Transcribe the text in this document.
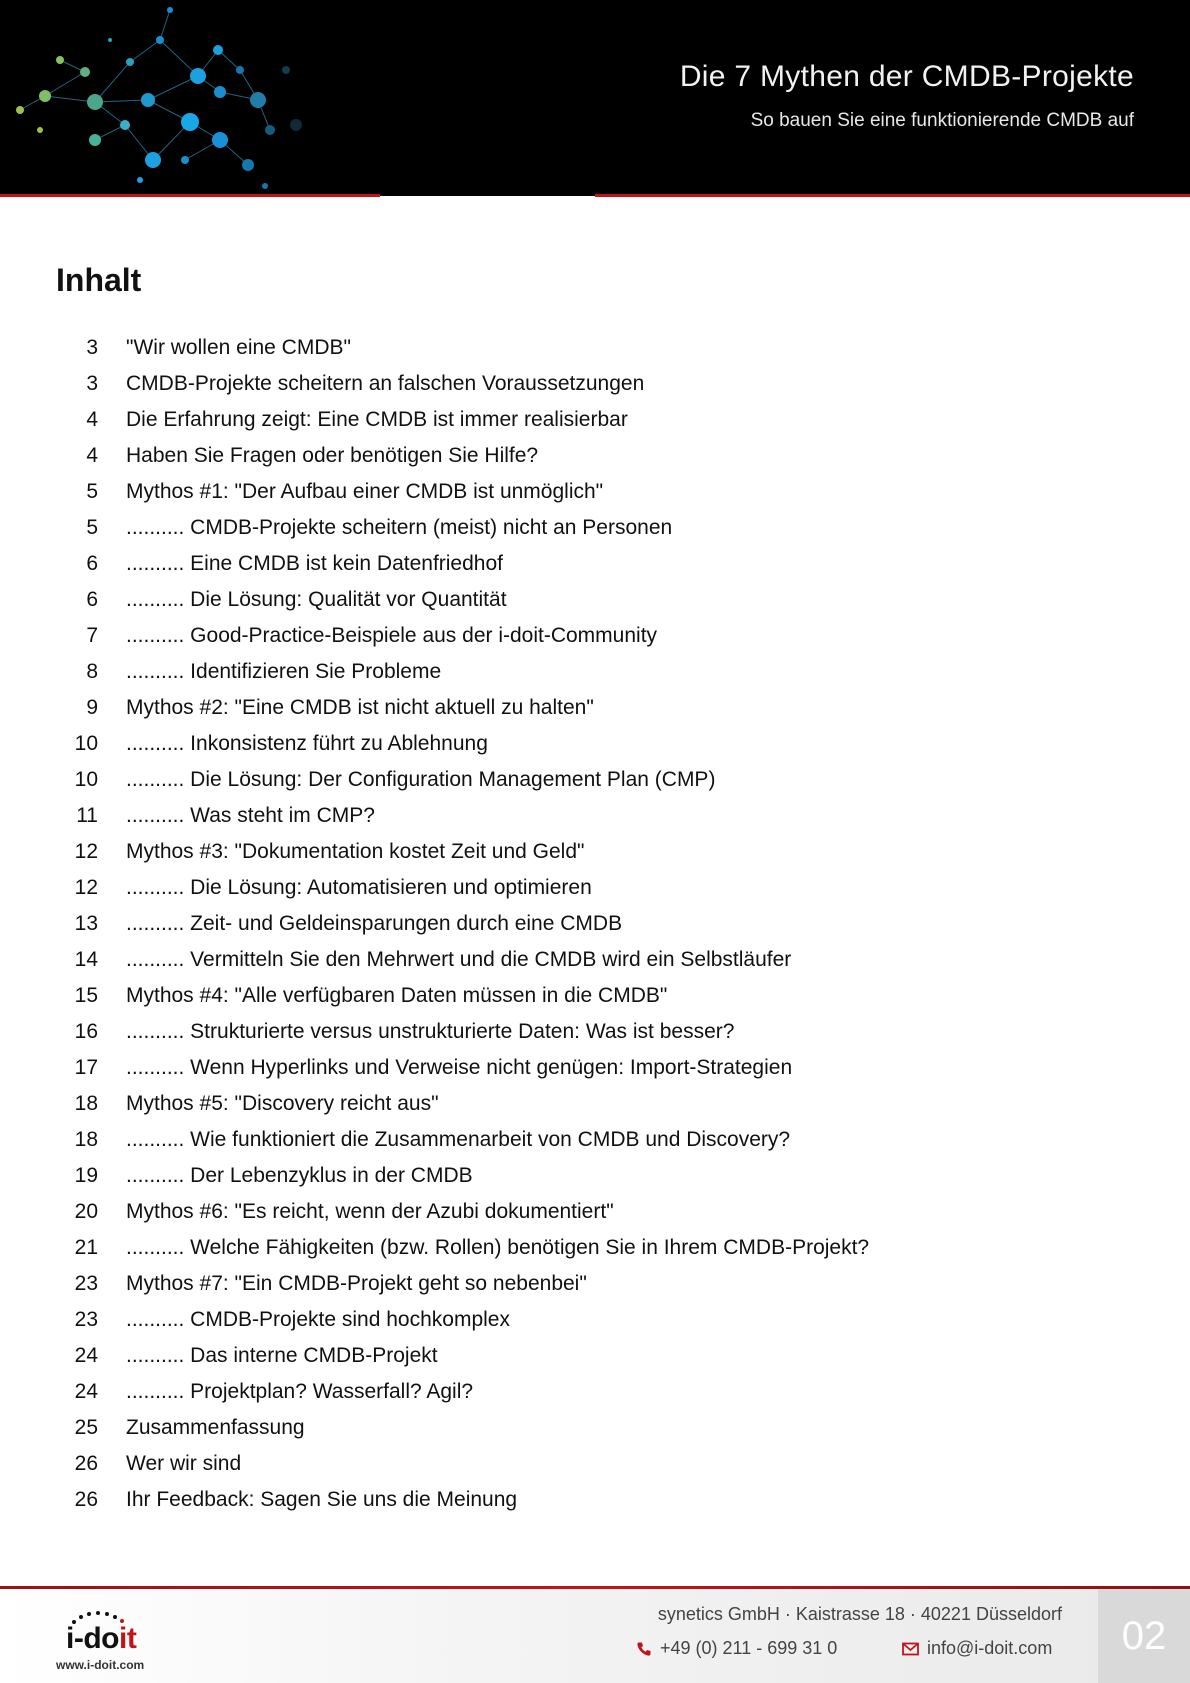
Die 7 Mythen der CMDB-Projekte
So bauen Sie eine funktionierende CMDB auf
Inhalt
3	"Wir wollen eine CMDB"
3	CMDB-Projekte scheitern an falschen Voraussetzungen
4	Die Erfahrung zeigt: Eine CMDB ist immer realisierbar
4	Haben Sie Fragen oder benötigen Sie Hilfe?
5	Mythos #1: "Der Aufbau einer CMDB ist unmöglich"
5	.......... CMDB-Projekte scheitern (meist) nicht an Personen
6	.......... Eine CMDB ist kein Datenfriedhof
6	.......... Die Lösung: Qualität vor Quantität
7	.......... Good-Practice-Beispiele aus der i-doit-Community
8	.......... Identifizieren Sie Probleme
9	Mythos #2: "Eine CMDB ist nicht aktuell zu halten"
10	.......... Inkonsistenz führt zu Ablehnung
10	.......... Die Lösung: Der Configuration Management Plan (CMP)
11	.......... Was steht im CMP?
12	Mythos #3: "Dokumentation kostet Zeit und Geld"
12	.......... Die Lösung: Automatisieren und optimieren
13	.......... Zeit- und Geldeinsparungen durch eine CMDB
14	.......... Vermitteln Sie den Mehrwert und die CMDB wird ein Selbstläufer
15	Mythos #4: "Alle verfügbaren Daten müssen in die CMDB"
16	.......... Strukturierte versus unstrukturierte Daten: Was ist besser?
17	.......... Wenn Hyperlinks und Verweise nicht genügen: Import-Strategien
18	Mythos #5: "Discovery reicht aus"
18	.......... Wie funktioniert die Zusammenarbeit von CMDB und Discovery?
19	.......... Der Lebenzyklus in der CMDB
20	Mythos #6: "Es reicht, wenn der Azubi dokumentiert"
21	.......... Welche Fähigkeiten (bzw. Rollen) benötigen Sie in Ihrem CMDB-Projekt?
23	Mythos #7: "Ein CMDB-Projekt geht so nebenbei"
23	.......... CMDB-Projekte sind hochkomplex
24	.......... Das interne CMDB-Projekt
24	.......... Projektplan? Wasserfall? Agil?
25	Zusammenfassung
26	Wer wir sind
26	Ihr Feedback: Sagen Sie uns die Meinung
i-doit
www.i-doit.com
synetics GmbH · Kaistrasse 18 · 40221 Düsseldorf
+49 (0) 211 - 699 31 0	info@i-doit.com 02
